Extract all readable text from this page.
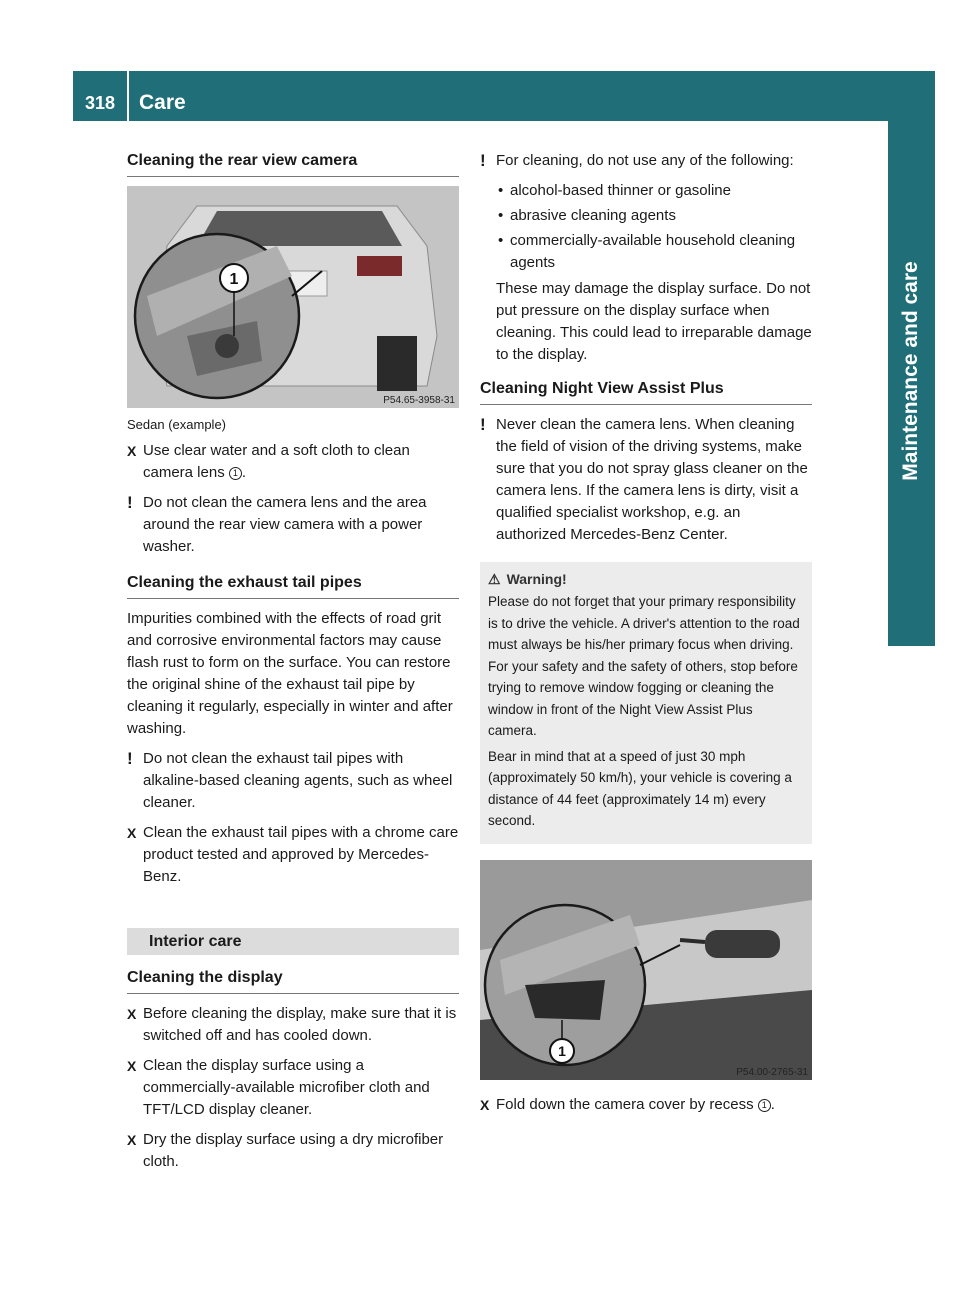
318	Care
Maintenance and care
Cleaning the rear view camera
1
P54.65-3958-31
Sedan (example)
X Use clear water and a soft cloth to clean camera lens 1 .
! Do not clean the camera lens and the area around the rear view camera with a power washer.
Cleaning the exhaust tail pipes
Impurities combined with the effects of road grit and corrosive environmental factors may cause flash rust to form on the surface. You can restore the original shine of the exhaust tail pipe by cleaning it regularly, especially in winter and after washing.
! Do not clean the exhaust tail pipes with alkaline-based cleaning agents, such as wheel cleaner.
X Clean the exhaust tail pipes with a chrome care product tested and approved by Mercedes-Benz.
Interior care
Cleaning the display
X Before cleaning the display, make sure that it is switched off and has cooled down.
X Clean the display surface using a commercially-available microfiber cloth and TFT/LCD display cleaner.
X Dry the display surface using a dry microfiber cloth.
! For cleaning, do not use any of the following:
• alcohol-based thinner or gasoline
• abrasive cleaning agents
• commercially-available household cleaning agents
These may damage the display surface. Do not put pressure on the display surface when cleaning. This could lead to irreparable damage to the display.
Cleaning Night View Assist Plus
! Never clean the camera lens. When cleaning the field of vision of the driving systems, make sure that you do not spray glass cleaner on the camera lens. If the camera lens is dirty, visit a qualified specialist workshop, e.g. an authorized Mercedes-Benz Center.
⚠ Warning!
Please do not forget that your primary responsibility is to drive the vehicle. A driver's attention to the road must always be his/her primary focus when driving. For your safety and the safety of others, stop before trying to remove window fogging or cleaning the window in front of the Night View Assist Plus camera.
Bear in mind that at a speed of just 30 mph (approximately 50 km/h), your vehicle is covering a distance of 44 feet (approximately 14 m) every second.
1
P54.00-2765-31
X Fold down the camera cover by recess 1 .
